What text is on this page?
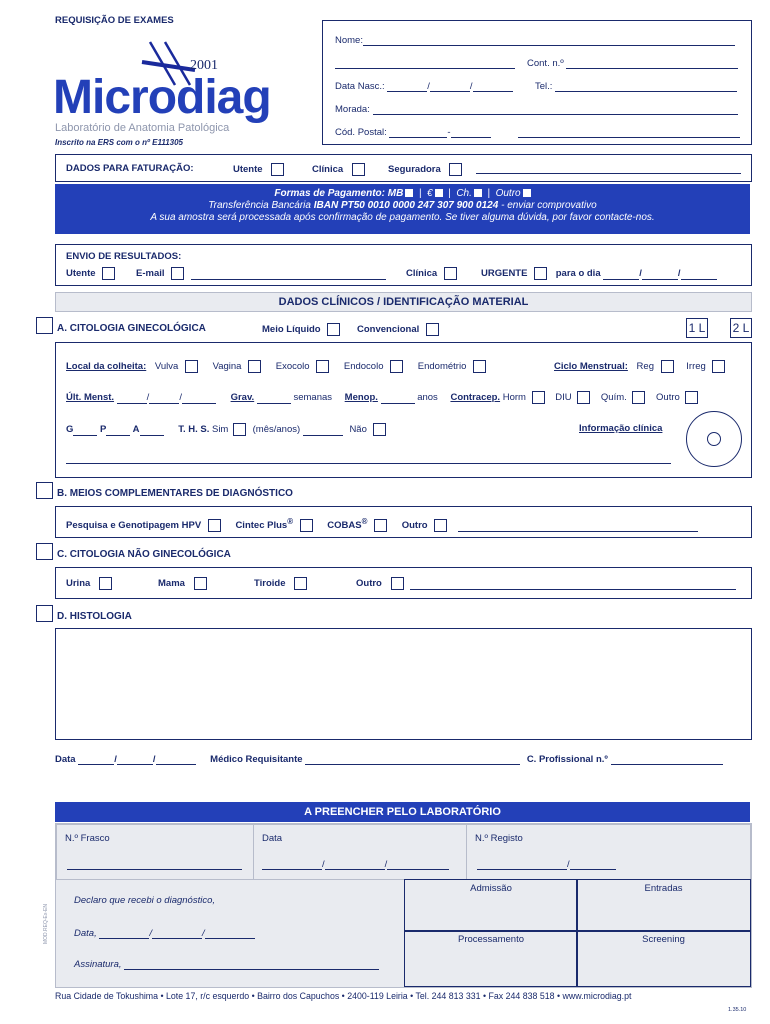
REQUISIÇÃO DE EXAMES
2001
Microdiag
Laboratório de Anatomia Patológica
Inscrito na ERS com o nº E111305
Nome:
Cont. n.º
Data Nasc.:	/	/	Tel.:
Morada:
Cód. Postal:	-
DADOS PARA FATURAÇÃO:	Utente	Clínica	Seguradora
Formas de Pagamento: MB  |  €  |  Ch.  |  Outro
Transferência Bancária IBAN PT50 0010 0000 247 307 900 0124 - enviar comprovativo
A sua amostra será processada após confirmação de pagamento. Se tiver alguma dúvida, por favor contacte-nos.
ENVIO DE RESULTADOS:
Utente	E-mail	Clínica	URGENTE	para o dia	/	/
DADOS CLÍNICOS / IDENTIFICAÇÃO MATERIAL
A. CITOLOGIA GINECOLÓGICA	Meio Líquido	Convencional	1 L 2 L
Local da colheita: Vulva	Vagina	Exocolo	Endocolo	Endométrio	Ciclo Menstrual: Reg	Irreg
Últ. Menst.	/	/	Grav.	semanas Menop.	anos Contracep. Horm	DIU	Quím.	Outro
G	P	A	T. H. S. Sim	(mês/anos)	Não	Informação clínica
B. MEIOS COMPLEMENTARES DE DIAGNÓSTICO
Pesquisa e Genotipagem HPV	Cintec Plus®	COBAS®	Outro
C. CITOLOGIA NÃO GINECOLÓGICA
Urina	Mama	Tiroide	Outro
D. HISTOLOGIA
Data	/	/	Médico Requisitante	C. Profissional n.º
A PREENCHER PELO LABORATÓRIO
N.º Frasco	Data
/	/
N.º Registo
/
Declaro que recebi o diagnóstico,
Data,	/	/
Assinatura,
MOD.REQ-Ex-EN
Admissão	Entradas
Processamento	Screening
Rua Cidade de Tokushima • Lote 17, r/c esquerdo • Bairro dos Capuchos • 2400-119 Leiria • Tel. 244 813 331 • Fax 244 838 518 • www.microdiag.pt
1.35.10
